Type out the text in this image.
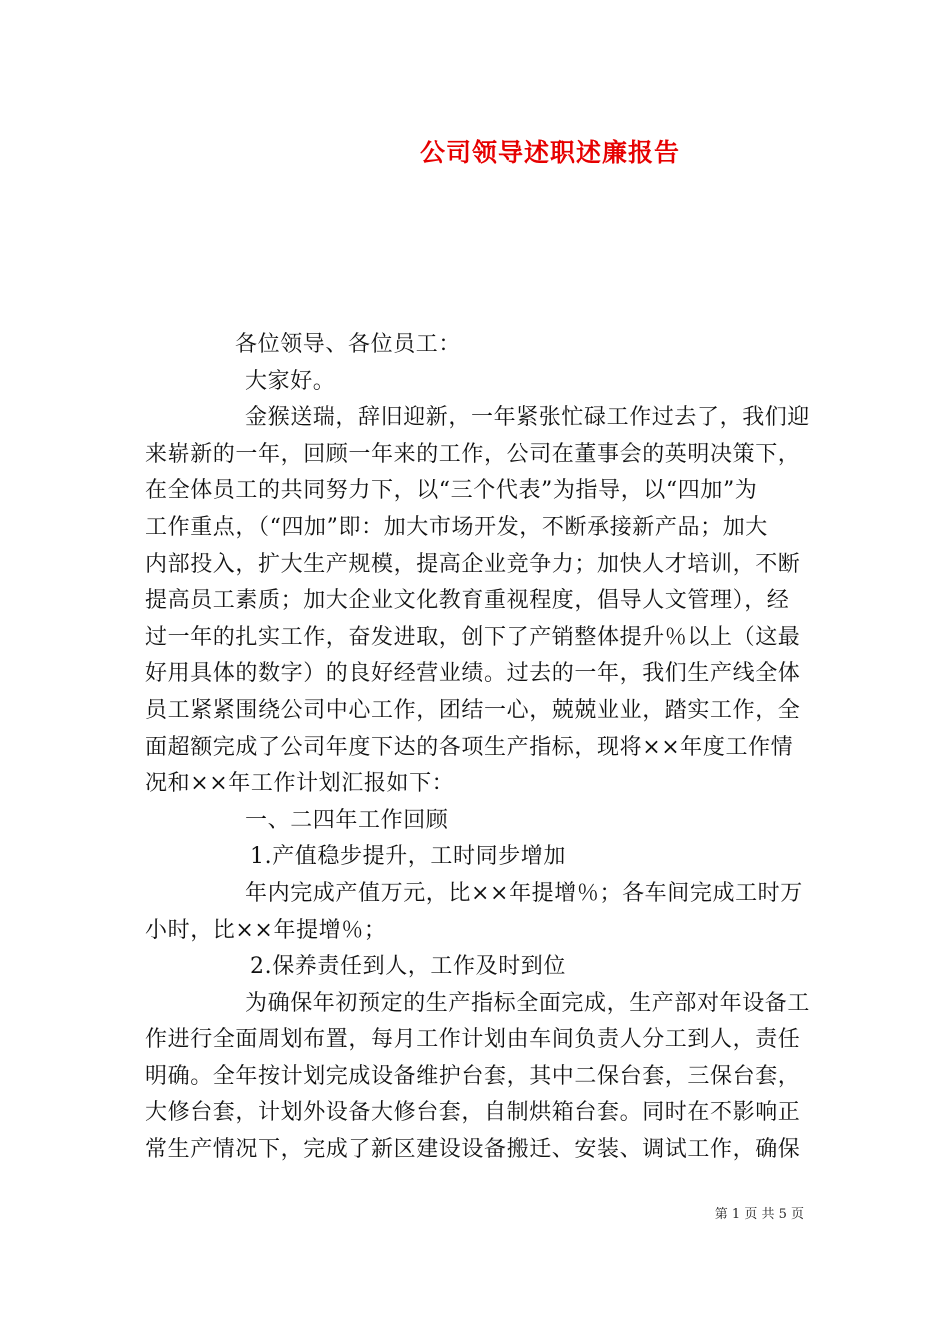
公司领导述职述廉报告
各位领导、各位员工：
大家好。
金猴送瑞，辞旧迎新，一年紧张忙碌工作过去了，我们迎
来崭新的一年，回顾一年来的工作，公司在董事会的英明决策下，
在全体员工的共同努力下，以“三个代表”为指导，以“四加”为
工作重点，（“四加”即：加大市场开发，不断承接新产品；加大
内部投入，扩大生产规模，提高企业竞争力；加快人才培训，不断
提高员工素质；加大企业文化教育重视程度，倡导人文管理），经
过一年的扎实工作，奋发进取，创下了产销整体提升％以上（这最
好用具体的数字）的良好经营业绩。过去的一年，我们生产线全体
员工紧紧围绕公司中心工作，团结一心，兢兢业业，踏实工作，全
面超额完成了公司年度下达的各项生产指标，现将××年度工作情
况和××年工作计划汇报如下：
一、二四年工作回顾
1.产值稳步提升，工时同步增加
年内完成产值万元，比××年提增％；各车间完成工时万
小时，比××年提增％；
2.保养责任到人，工作及时到位
为确保年初预定的生产指标全面完成，生产部对年设备工
作进行全面周划布置，每月工作计划由车间负责人分工到人，责任
明确。全年按计划完成设备维护台套，其中二保台套，三保台套，
大修台套，计划外设备大修台套，自制烘箱台套。同时在不影响正
常生产情况下，完成了新区建设设备搬迁、安装、调试工作，确保
第 1 页 共 5 页
